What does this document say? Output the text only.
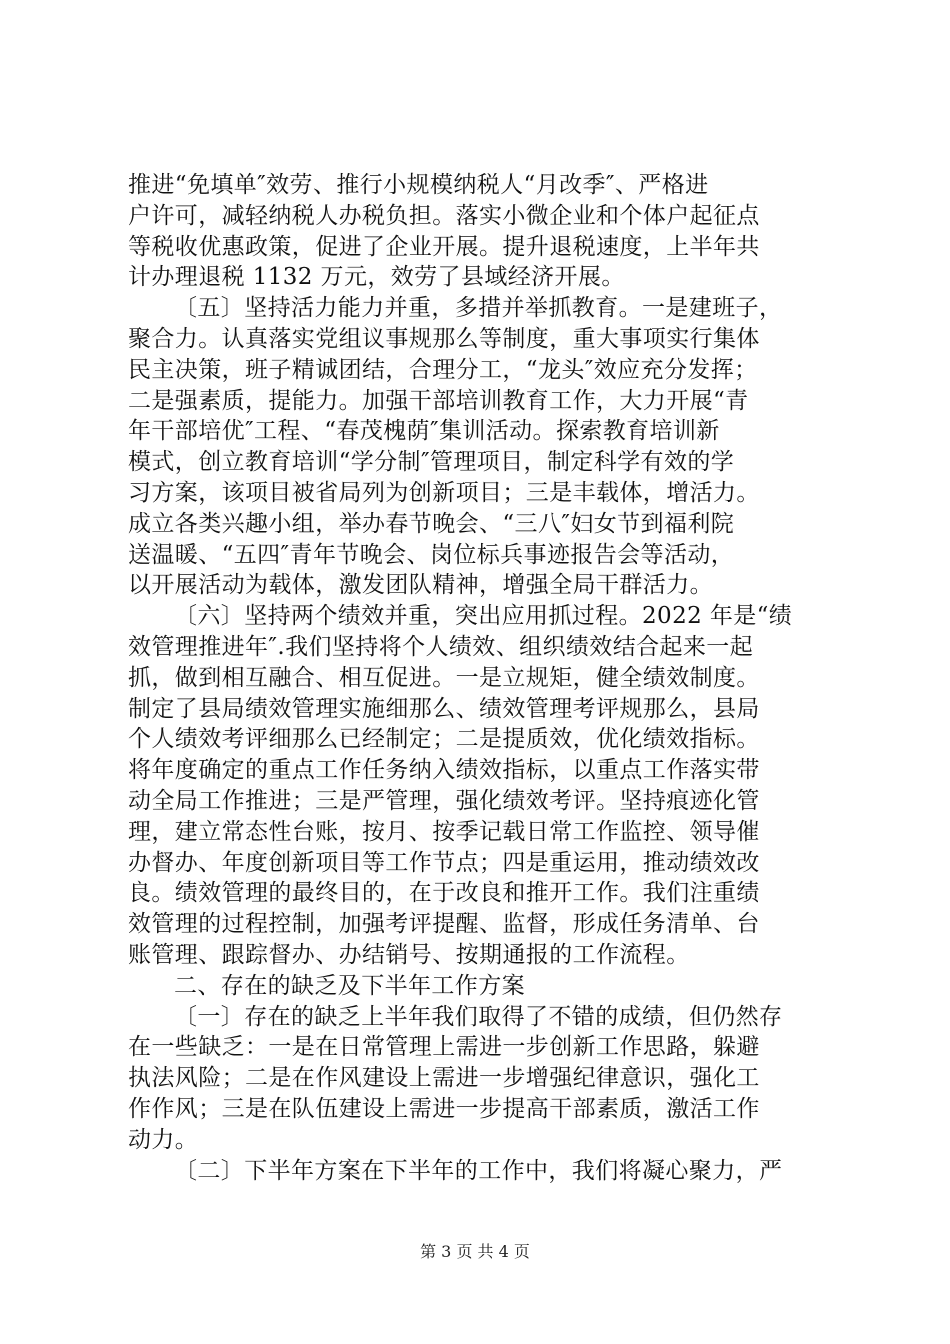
推进“免填单″效劳、推行小规模纳税人“月改季″、严格进
户许可，减轻纳税人办税负担。落实小微企业和个体户起征点
等税收优惠政策，促进了企业开展。提升退税速度，上半年共
计办理退税 1132 万元，效劳了县域经济开展。
〔五〕坚持活力能力并重，多措并举抓教育。一是建班子，
聚合力。认真落实党组议事规那么等制度，重大事项实行集体
民主决策，班子精诚团结，合理分工，“龙头″效应充分发挥；
二是强素质，提能力。加强干部培训教育工作，大力开展“青
年干部培优″工程、“春茂槐荫″集训活动。探索教育培训新
模式，创立教育培训“学分制″管理项目，制定科学有效的学
习方案，该项目被省局列为创新项目；三是丰载体，增活力。
成立各类兴趣小组，举办春节晚会、“三八″妇女节到福利院
送温暖、“五四″青年节晚会、岗位标兵事迹报告会等活动，
以开展活动为载体，激发团队精神，增强全局干群活力。
〔六〕坚持两个绩效并重，突出应用抓过程。2022 年是“绩
效管理推进年″.我们坚持将个人绩效、组织绩效结合起来一起
抓，做到相互融合、相互促进。一是立规矩，健全绩效制度。
制定了县局绩效管理实施细那么、绩效管理考评规那么，县局
个人绩效考评细那么已经制定；二是提质效，优化绩效指标。
将年度确定的重点工作任务纳入绩效指标，以重点工作落实带
动全局工作推进；三是严管理，强化绩效考评。坚持痕迹化管
理，建立常态性台账，按月、按季记载日常工作监控、领导催
办督办、年度创新项目等工作节点；四是重运用，推动绩效改
良。绩效管理的最终目的，在于改良和推开工作。我们注重绩
效管理的过程控制，加强考评提醒、监督，形成任务清单、台
账管理、跟踪督办、办结销号、按期通报的工作流程。
二、存在的缺乏及下半年工作方案
〔一〕存在的缺乏上半年我们取得了不错的成绩，但仍然存
在一些缺乏：一是在日常管理上需进一步创新工作思路，躲避
执法风险；二是在作风建设上需进一步增强纪律意识，强化工
作作风；三是在队伍建设上需进一步提高干部素质，激活工作
动力。
〔二〕下半年方案在下半年的工作中，我们将凝心聚力，严
第 3 页 共 4 页
